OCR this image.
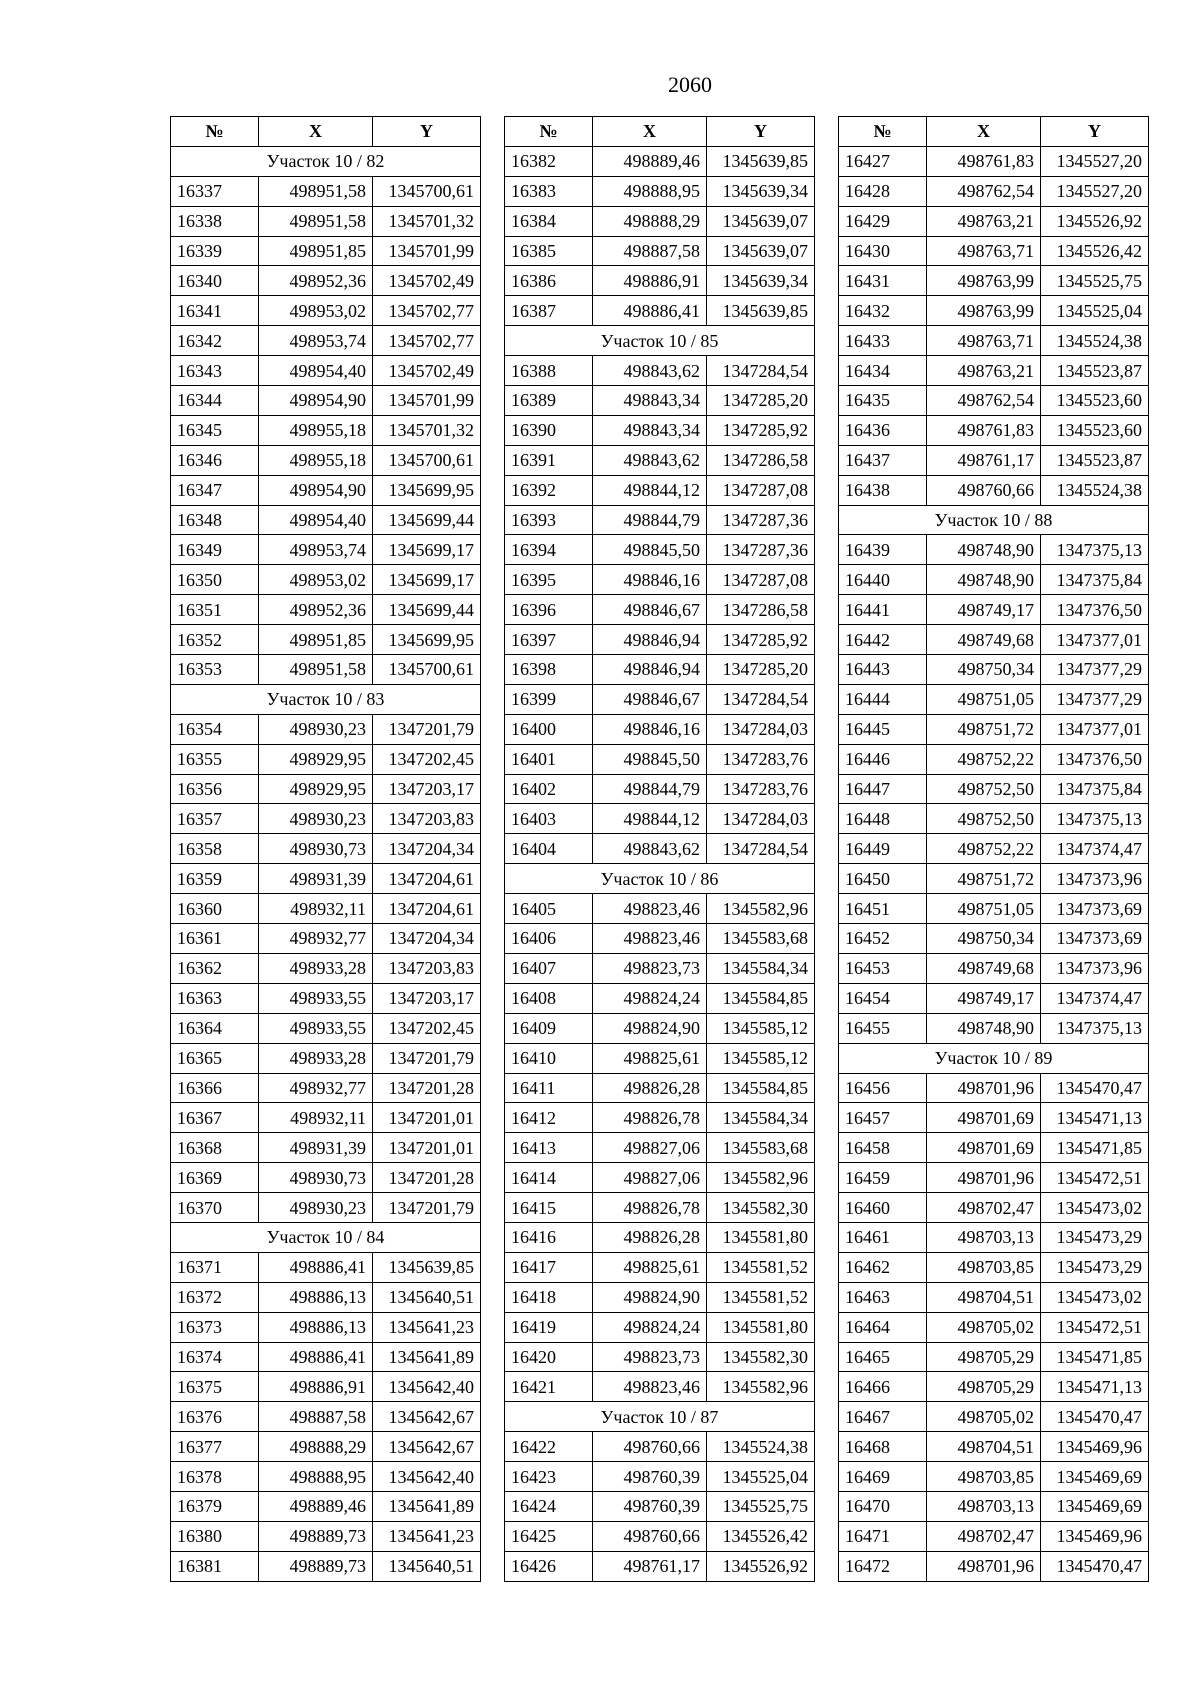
2060
№	X	Y
Участок 10 / 82		
16337	498951,58	1345700,61
16338	498951,58	1345701,32
16339	498951,85	1345701,99
16340	498952,36	1345702,49
16341	498953,02	1345702,77
16342	498953,74	1345702,77
16343	498954,40	1345702,49
16344	498954,90	1345701,99
16345	498955,18	1345701,32
16346	498955,18	1345700,61
16347	498954,90	1345699,95
16348	498954,40	1345699,44
16349	498953,74	1345699,17
16350	498953,02	1345699,17
16351	498952,36	1345699,44
16352	498951,85	1345699,95
16353	498951,58	1345700,61
Участок 10 / 83		
16354	498930,23	1347201,79
16355	498929,95	1347202,45
16356	498929,95	1347203,17
16357	498930,23	1347203,83
16358	498930,73	1347204,34
16359	498931,39	1347204,61
16360	498932,11	1347204,61
16361	498932,77	1347204,34
16362	498933,28	1347203,83
16363	498933,55	1347203,17
16364	498933,55	1347202,45
16365	498933,28	1347201,79
16366	498932,77	1347201,28
16367	498932,11	1347201,01
16368	498931,39	1347201,01
16369	498930,73	1347201,28
16370	498930,23	1347201,79
Участок 10 / 84		
16371	498886,41	1345639,85
16372	498886,13	1345640,51
16373	498886,13	1345641,23
16374	498886,41	1345641,89
16375	498886,91	1345642,40
16376	498887,58	1345642,67
16377	498888,29	1345642,67
16378	498888,95	1345642,40
16379	498889,46	1345641,89
16380	498889,73	1345641,23
16381	498889,73	1345640,51
№	X	Y
16382	498889,46	1345639,85
16383	498888,95	1345639,34
16384	498888,29	1345639,07
16385	498887,58	1345639,07
16386	498886,91	1345639,34
16387	498886,41	1345639,85
Участок 10 / 85		
16388	498843,62	1347284,54
16389	498843,34	1347285,20
16390	498843,34	1347285,92
16391	498843,62	1347286,58
16392	498844,12	1347287,08
16393	498844,79	1347287,36
16394	498845,50	1347287,36
16395	498846,16	1347287,08
16396	498846,67	1347286,58
16397	498846,94	1347285,92
16398	498846,94	1347285,20
16399	498846,67	1347284,54
16400	498846,16	1347284,03
16401	498845,50	1347283,76
16402	498844,79	1347283,76
16403	498844,12	1347284,03
16404	498843,62	1347284,54
Участок 10 / 86		
16405	498823,46	1345582,96
16406	498823,46	1345583,68
16407	498823,73	1345584,34
16408	498824,24	1345584,85
16409	498824,90	1345585,12
16410	498825,61	1345585,12
16411	498826,28	1345584,85
16412	498826,78	1345584,34
16413	498827,06	1345583,68
16414	498827,06	1345582,96
16415	498826,78	1345582,30
16416	498826,28	1345581,80
16417	498825,61	1345581,52
16418	498824,90	1345581,52
16419	498824,24	1345581,80
16420	498823,73	1345582,30
16421	498823,46	1345582,96
Участок 10 / 87		
16422	498760,66	1345524,38
16423	498760,39	1345525,04
16424	498760,39	1345525,75
16425	498760,66	1345526,42
16426	498761,17	1345526,92
№	X	Y
16427	498761,83	1345527,20
16428	498762,54	1345527,20
16429	498763,21	1345526,92
16430	498763,71	1345526,42
16431	498763,99	1345525,75
16432	498763,99	1345525,04
16433	498763,71	1345524,38
16434	498763,21	1345523,87
16435	498762,54	1345523,60
16436	498761,83	1345523,60
16437	498761,17	1345523,87
16438	498760,66	1345524,38
Участок 10 / 88		
16439	498748,90	1347375,13
16440	498748,90	1347375,84
16441	498749,17	1347376,50
16442	498749,68	1347377,01
16443	498750,34	1347377,29
16444	498751,05	1347377,29
16445	498751,72	1347377,01
16446	498752,22	1347376,50
16447	498752,50	1347375,84
16448	498752,50	1347375,13
16449	498752,22	1347374,47
16450	498751,72	1347373,96
16451	498751,05	1347373,69
16452	498750,34	1347373,69
16453	498749,68	1347373,96
16454	498749,17	1347374,47
16455	498748,90	1347375,13
Участок 10 / 89		
16456	498701,96	1345470,47
16457	498701,69	1345471,13
16458	498701,69	1345471,85
16459	498701,96	1345472,51
16460	498702,47	1345473,02
16461	498703,13	1345473,29
16462	498703,85	1345473,29
16463	498704,51	1345473,02
16464	498705,02	1345472,51
16465	498705,29	1345471,85
16466	498705,29	1345471,13
16467	498705,02	1345470,47
16468	498704,51	1345469,96
16469	498703,85	1345469,69
16470	498703,13	1345469,69
16471	498702,47	1345469,96
16472	498701,96	1345470,47
